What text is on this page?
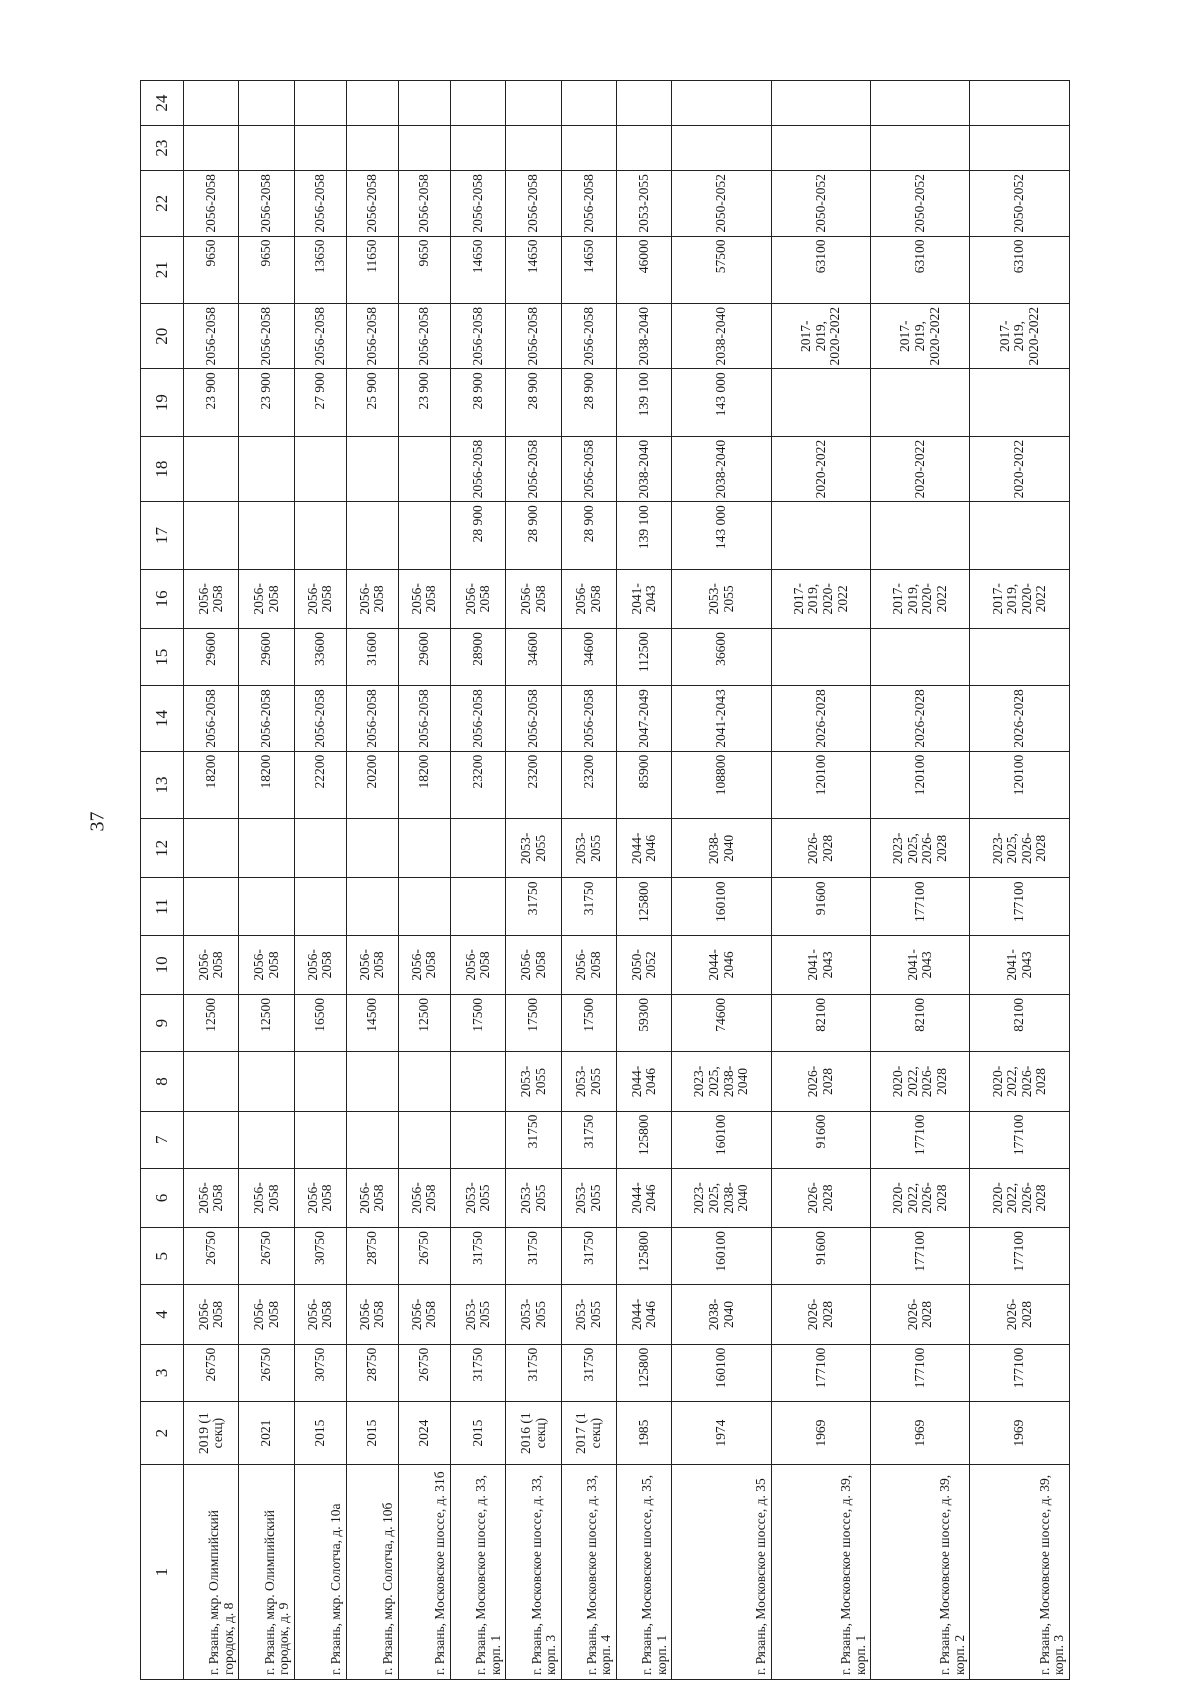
37
1	2	3	4	5	6	7	8	9	10	11	12	13	14	15	16	17	18	19	20	21	22	23	24
г. Рязань, мкр. Олимпийский городок, д. 8	2019 (1 секц)	26750	2056-2058	26750	2056-2058			12500	2056-2058			18200	2056-2058	29600	2056-2058			23 900	2056-2058	9650	2056-2058		
г. Рязань, мкр. Олимпийский городок, д. 9	2021	26750	2056-2058	26750	2056-2058			12500	2056-2058			18200	2056-2058	29600	2056-2058			23 900	2056-2058	9650	2056-2058		
г. Рязань, мкр. Солотча, д. 10а	2015	30750	2056-2058	30750	2056-2058			16500	2056-2058			22200	2056-2058	33600	2056-2058			27 900	2056-2058	13650	2056-2058		
г. Рязань, мкр. Солотча, д. 10б	2015	28750	2056-2058	28750	2056-2058			14500	2056-2058			20200	2056-2058	31600	2056-2058			25 900	2056-2058	11650	2056-2058		
г. Рязань, Московское шоссе, д. 31б	2024	26750	2056-2058	26750	2056-2058			12500	2056-2058			18200	2056-2058	29600	2056-2058			23 900	2056-2058	9650	2056-2058		
г. Рязань, Московское шоссе, д. 33, корп. 1	2015	31750	2053-2055	31750	2053-2055			17500	2056-2058			23200	2056-2058	28900	2056-2058	28 900	2056-2058	28 900	2056-2058	14650	2056-2058		
г. Рязань, Московское шоссе, д. 33, корп. 3	2016 (1 секц)	31750	2053-2055	31750	2053-2055	31750	2053-2055	17500	2056-2058	31750	2053-2055	23200	2056-2058	34600	2056-2058	28 900	2056-2058	28 900	2056-2058	14650	2056-2058		
г. Рязань, Московское шоссе, д. 33, корп. 4	2017 (1 секц)	31750	2053-2055	31750	2053-2055	31750	2053-2055	17500	2056-2058	31750	2053-2055	23200	2056-2058	34600	2056-2058	28 900	2056-2058	28 900	2056-2058	14650	2056-2058		
г. Рязань, Московское шоссе, д. 35, корп. 1	1985	125800	2044-2046	125800	2044-2046	125800	2044-2046	59300	2050-2052	125800	2044-2046	85900	2047-2049	112500	2041-2043	139 100	2038-2040	139 100	2038-2040	46000	2053-2055		
г. Рязань, Московское шоссе, д. 35	1974	160100	2038-2040	160100	2023-2025, 2038-2040	160100	2023-2025, 2038-2040	74600	2044-2046	160100	2038-2040	108800	2041-2043	36600	2053-2055	143 000	2038-2040	143 000	2038-2040	57500	2050-2052		
г. Рязань, Московское шоссе, д. 39, корп. 1	1969	177100	2026-2028	91600	2026-2028	91600	2026-2028	82100	2041-2043	91600	2026-2028	120100	2026-2028		2017-2019, 2020-2022		2020-2022		2017-2019, 2020-2022	63100	2050-2052		
г. Рязань, Московское шоссе, д. 39, корп. 2	1969	177100	2026-2028	177100	2020-2022, 2026-2028	177100	2020-2022, 2026-2028	82100	2041-2043	177100	2023-2025, 2026-2028	120100	2026-2028		2017-2019, 2020-2022		2020-2022		2017-2019, 2020-2022	63100	2050-2052		
г. Рязань, Московское шоссе, д. 39, корп. 3	1969	177100	2026-2028	177100	2020-2022, 2026-2028	177100	2020-2022, 2026-2028	82100	2041-2043	177100	2023-2025, 2026-2028	120100	2026-2028		2017-2019, 2020-2022		2020-2022		2017-2019, 2020-2022	63100	2050-2052		
